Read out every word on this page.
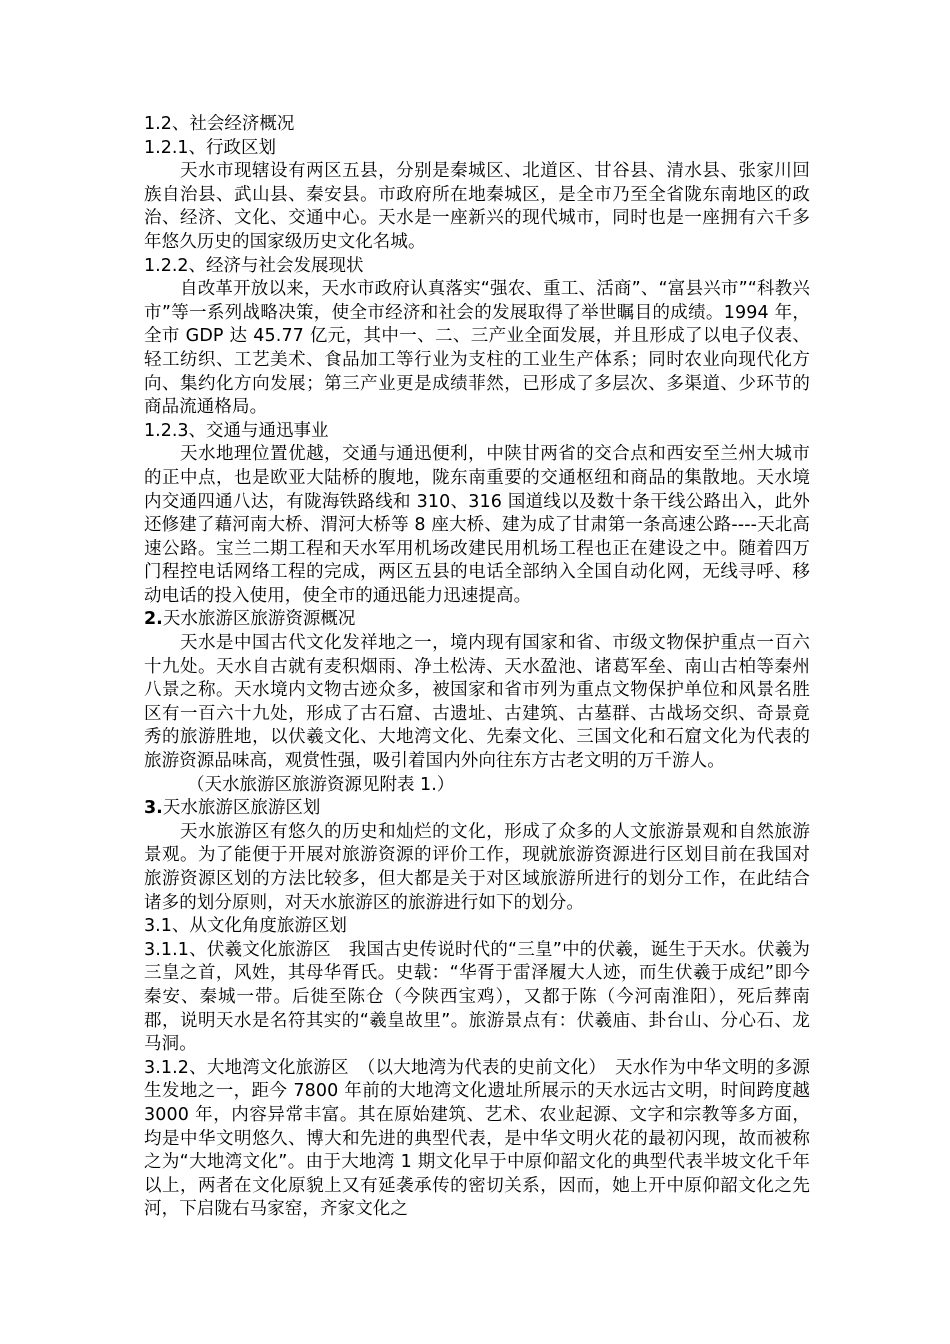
1.2、社会经济概况

1.2.1、行政区划

天水市现辖设有两区五县，分别是秦城区、北道区、甘谷县、清水县、张家川回族自治县、武山县、秦安县。市政府所在地秦城区，是全市乃至全省陇东南地区的政治、经济、文化、交通中心。天水是一座新兴的现代城市，同时也是一座拥有六千多年悠久历史的国家级历史文化名城。

1.2.2、经济与社会发展现状

自改革开放以来，天水市政府认真落实“强农、重工、活商”、“富县兴市”“科教兴市”等一系列战略决策，使全市经济和社会的发展取得了举世瞩目的成绩。1994 年，全市 GDP 达 45.77 亿元，其中一、二、三产业全面发展，并且形成了以电子仪表、轻工纺织、工艺美术、食品加工等行业为支柱的工业生产体系；同时农业向现代化方向、集约化方向发展；第三产业更是成绩菲然，已形成了多层次、多渠道、少环节的商品流通格局。

1.2.3、交通与通迅事业

天水地理位置优越，交通与通迅便利，中陕甘两省的交合点和西安至兰州大城市的正中点，也是欧亚大陆桥的腹地，陇东南重要的交通枢纽和商品的集散地。天水境内交通四通八达，有陇海铁路线和 310、316 国道线以及数十条干线公路出入，此外还修建了藉河南大桥、渭河大桥等 8 座大桥、建为成了甘肃第一条高速公路----天北高速公路。宝兰二期工程和天水军用机场改建民用机场工程也正在建设之中。随着四万门程控电话网络工程的完成，两区五县的电话全部纳入全国自动化网，无线寻呼、移动电话的投入使用，使全市的通迅能力迅速提高。

2.天水旅游区旅游资源概况

天水是中国古代文化发祥地之一，境内现有国家和省、市级文物保护重点一百六十九处。天水自古就有麦积烟雨、净土松涛、天水盈池、诸葛军垒、南山古柏等秦州八景之称。天水境内文物古迹众多，被国家和省市列为重点文物保护单位和风景名胜区有一百六十九处，形成了古石窟、古遗址、古建筑、古墓群、古战场交织、奇景竟秀的旅游胜地，以伏羲文化、大地湾文化、先秦文化、三国文化和石窟文化为代表的旅游资源品味高，观赏性强，吸引着国内外向往东方古老文明的万千游人。

（天水旅游区旅游资源见附表 1.）

3.天水旅游区旅游区划

天水旅游区有悠久的历史和灿烂的文化，形成了众多的人文旅游景观和自然旅游景观。为了能便于开展对旅游资源的评价工作，现就旅游资源进行区划目前在我国对旅游资源区划的方法比较多，但大都是关于对区域旅游所进行的划分工作，在此结合诸多的划分原则，对天水旅游区的旅游进行如下的划分。

3.1、从文化角度旅游区划

3.1.1、伏羲文化旅游区　我国古史传说时代的“三皇”中的伏羲，诞生于天水。伏羲为三皇之首，风姓，其母华胥氏。史载：“华胥于雷泽履大人迹，而生伏羲于成纪”即今秦安、秦城一带。后徙至陈仓（今陕西宝鸡），又都于陈（今河南淮阳），死后葬南郡，说明天水是名符其实的“羲皇故里”。旅游景点有：伏羲庙、卦台山、分心石、龙马洞。

3.1.2、大地湾文化旅游区　（以大地湾为代表的史前文化）　天水作为中华文明的多源生发地之一，距今 7800 年前的大地湾文化遗址所展示的天水远古文明，时间跨度越 3000 年，内容异常丰富。其在原始建筑、艺术、农业起源、文字和宗教等多方面，均是中华文明悠久、博大和先进的典型代表，是中华文明火花的最初闪现，故而被称之为“大地湾文化”。由于大地湾 1 期文化早于中原仰韶文化的典型代表半坡文化千年以上，两者在文化原貌上又有延袭承传的密切关系，因而，她上开中原仰韶文化之先河，下启陇右马家窑，齐家文化之
